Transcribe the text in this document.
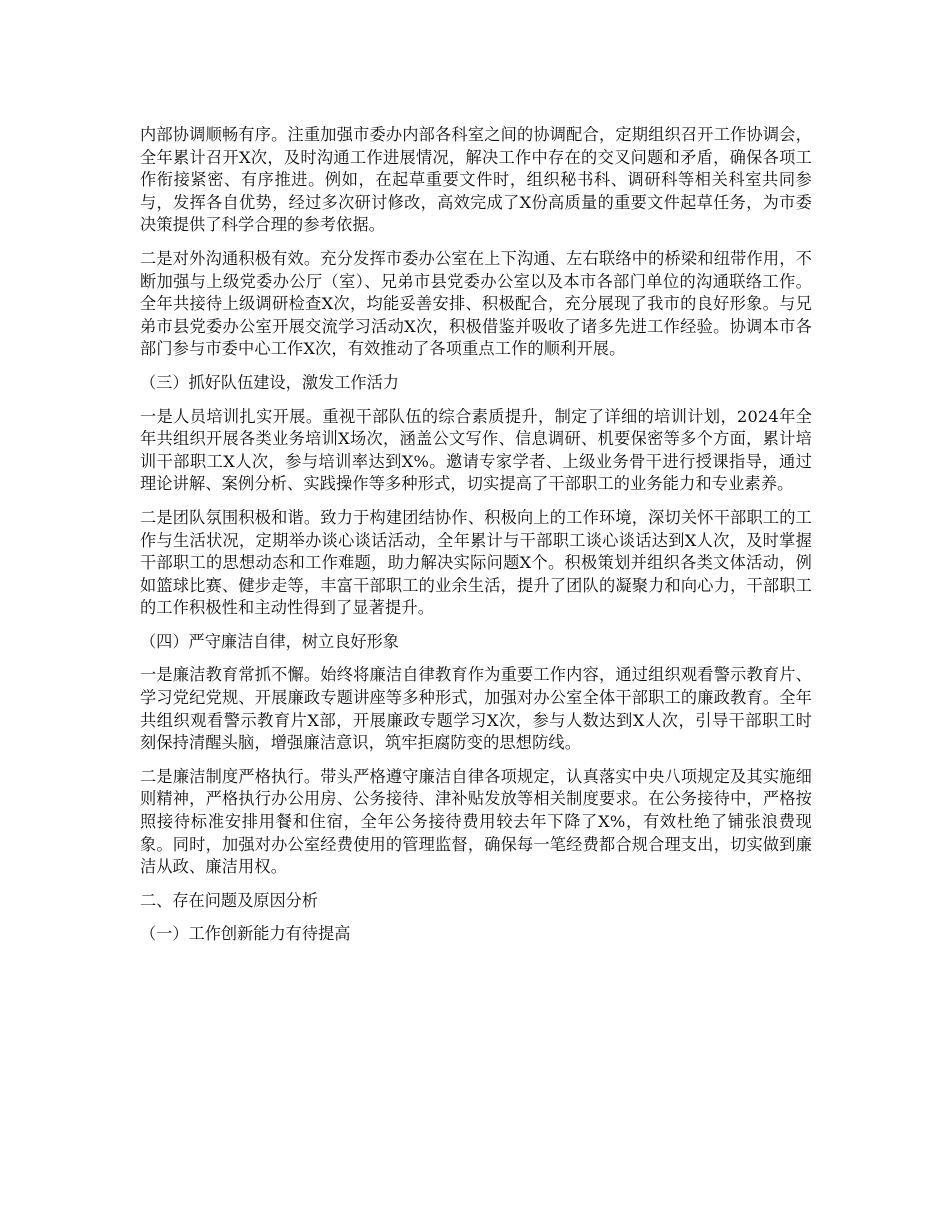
内部协调顺畅有序。注重加强市委办内部各科室之间的协调配合，定期组织召开工作协调会，全年累计召开X次，及时沟通工作进展情况，解决工作中存在的交叉问题和矛盾，确保各项工作衔接紧密、有序推进。例如，在起草重要文件时，组织秘书科、调研科等相关科室共同参与，发挥各自优势，经过多次研讨修改，高效完成了X份高质量的重要文件起草任务，为市委决策提供了科学合理的参考依据。

二是对外沟通积极有效。充分发挥市委办公室在上下沟通、左右联络中的桥梁和纽带作用，不断加强与上级党委办公厅（室）、兄弟市县党委办公室以及本市各部门单位的沟通联络工作。全年共接待上级调研检查X次，均能妥善安排、积极配合，充分展现了我市的良好形象。与兄弟市县党委办公室开展交流学习活动X次，积极借鉴并吸收了诸多先进工作经验。协调本市各部门参与市委中心工作X次，有效推动了各项重点工作的顺利开展。

（三）抓好队伍建设，激发工作活力

一是人员培训扎实开展。重视干部队伍的综合素质提升，制定了详细的培训计划，2024年全年共组织开展各类业务培训X场次，涵盖公文写作、信息调研、机要保密等多个方面，累计培训干部职工X人次，参与培训率达到X%。邀请专家学者、上级业务骨干进行授课指导，通过理论讲解、案例分析、实践操作等多种形式，切实提高了干部职工的业务能力和专业素养。

二是团队氛围积极和谐。致力于构建团结协作、积极向上的工作环境，深切关怀干部职工的工作与生活状况，定期举办谈心谈话活动，全年累计与干部职工谈心谈话达到X人次，及时掌握干部职工的思想动态和工作难题，助力解决实际问题X个。积极策划并组织各类文体活动，例如篮球比赛、健步走等，丰富干部职工的业余生活，提升了团队的凝聚力和向心力，干部职工的工作积极性和主动性得到了显著提升。

（四）严守廉洁自律，树立良好形象

一是廉洁教育常抓不懈。始终将廉洁自律教育作为重要工作内容，通过组织观看警示教育片、学习党纪党规、开展廉政专题讲座等多种形式，加强对办公室全体干部职工的廉政教育。全年共组织观看警示教育片X部，开展廉政专题学习X次，参与人数达到X人次，引导干部职工时刻保持清醒头脑，增强廉洁意识，筑牢拒腐防变的思想防线。

二是廉洁制度严格执行。带头严格遵守廉洁自律各项规定，认真落实中央八项规定及其实施细则精神，严格执行办公用房、公务接待、津补贴发放等相关制度要求。在公务接待中，严格按照接待标准安排用餐和住宿，全年公务接待费用较去年下降了X%，有效杜绝了铺张浪费现象。同时，加强对办公室经费使用的管理监督，确保每一笔经费都合规合理支出，切实做到廉洁从政、廉洁用权。

二、存在问题及原因分析

（一）工作创新能力有待提高
